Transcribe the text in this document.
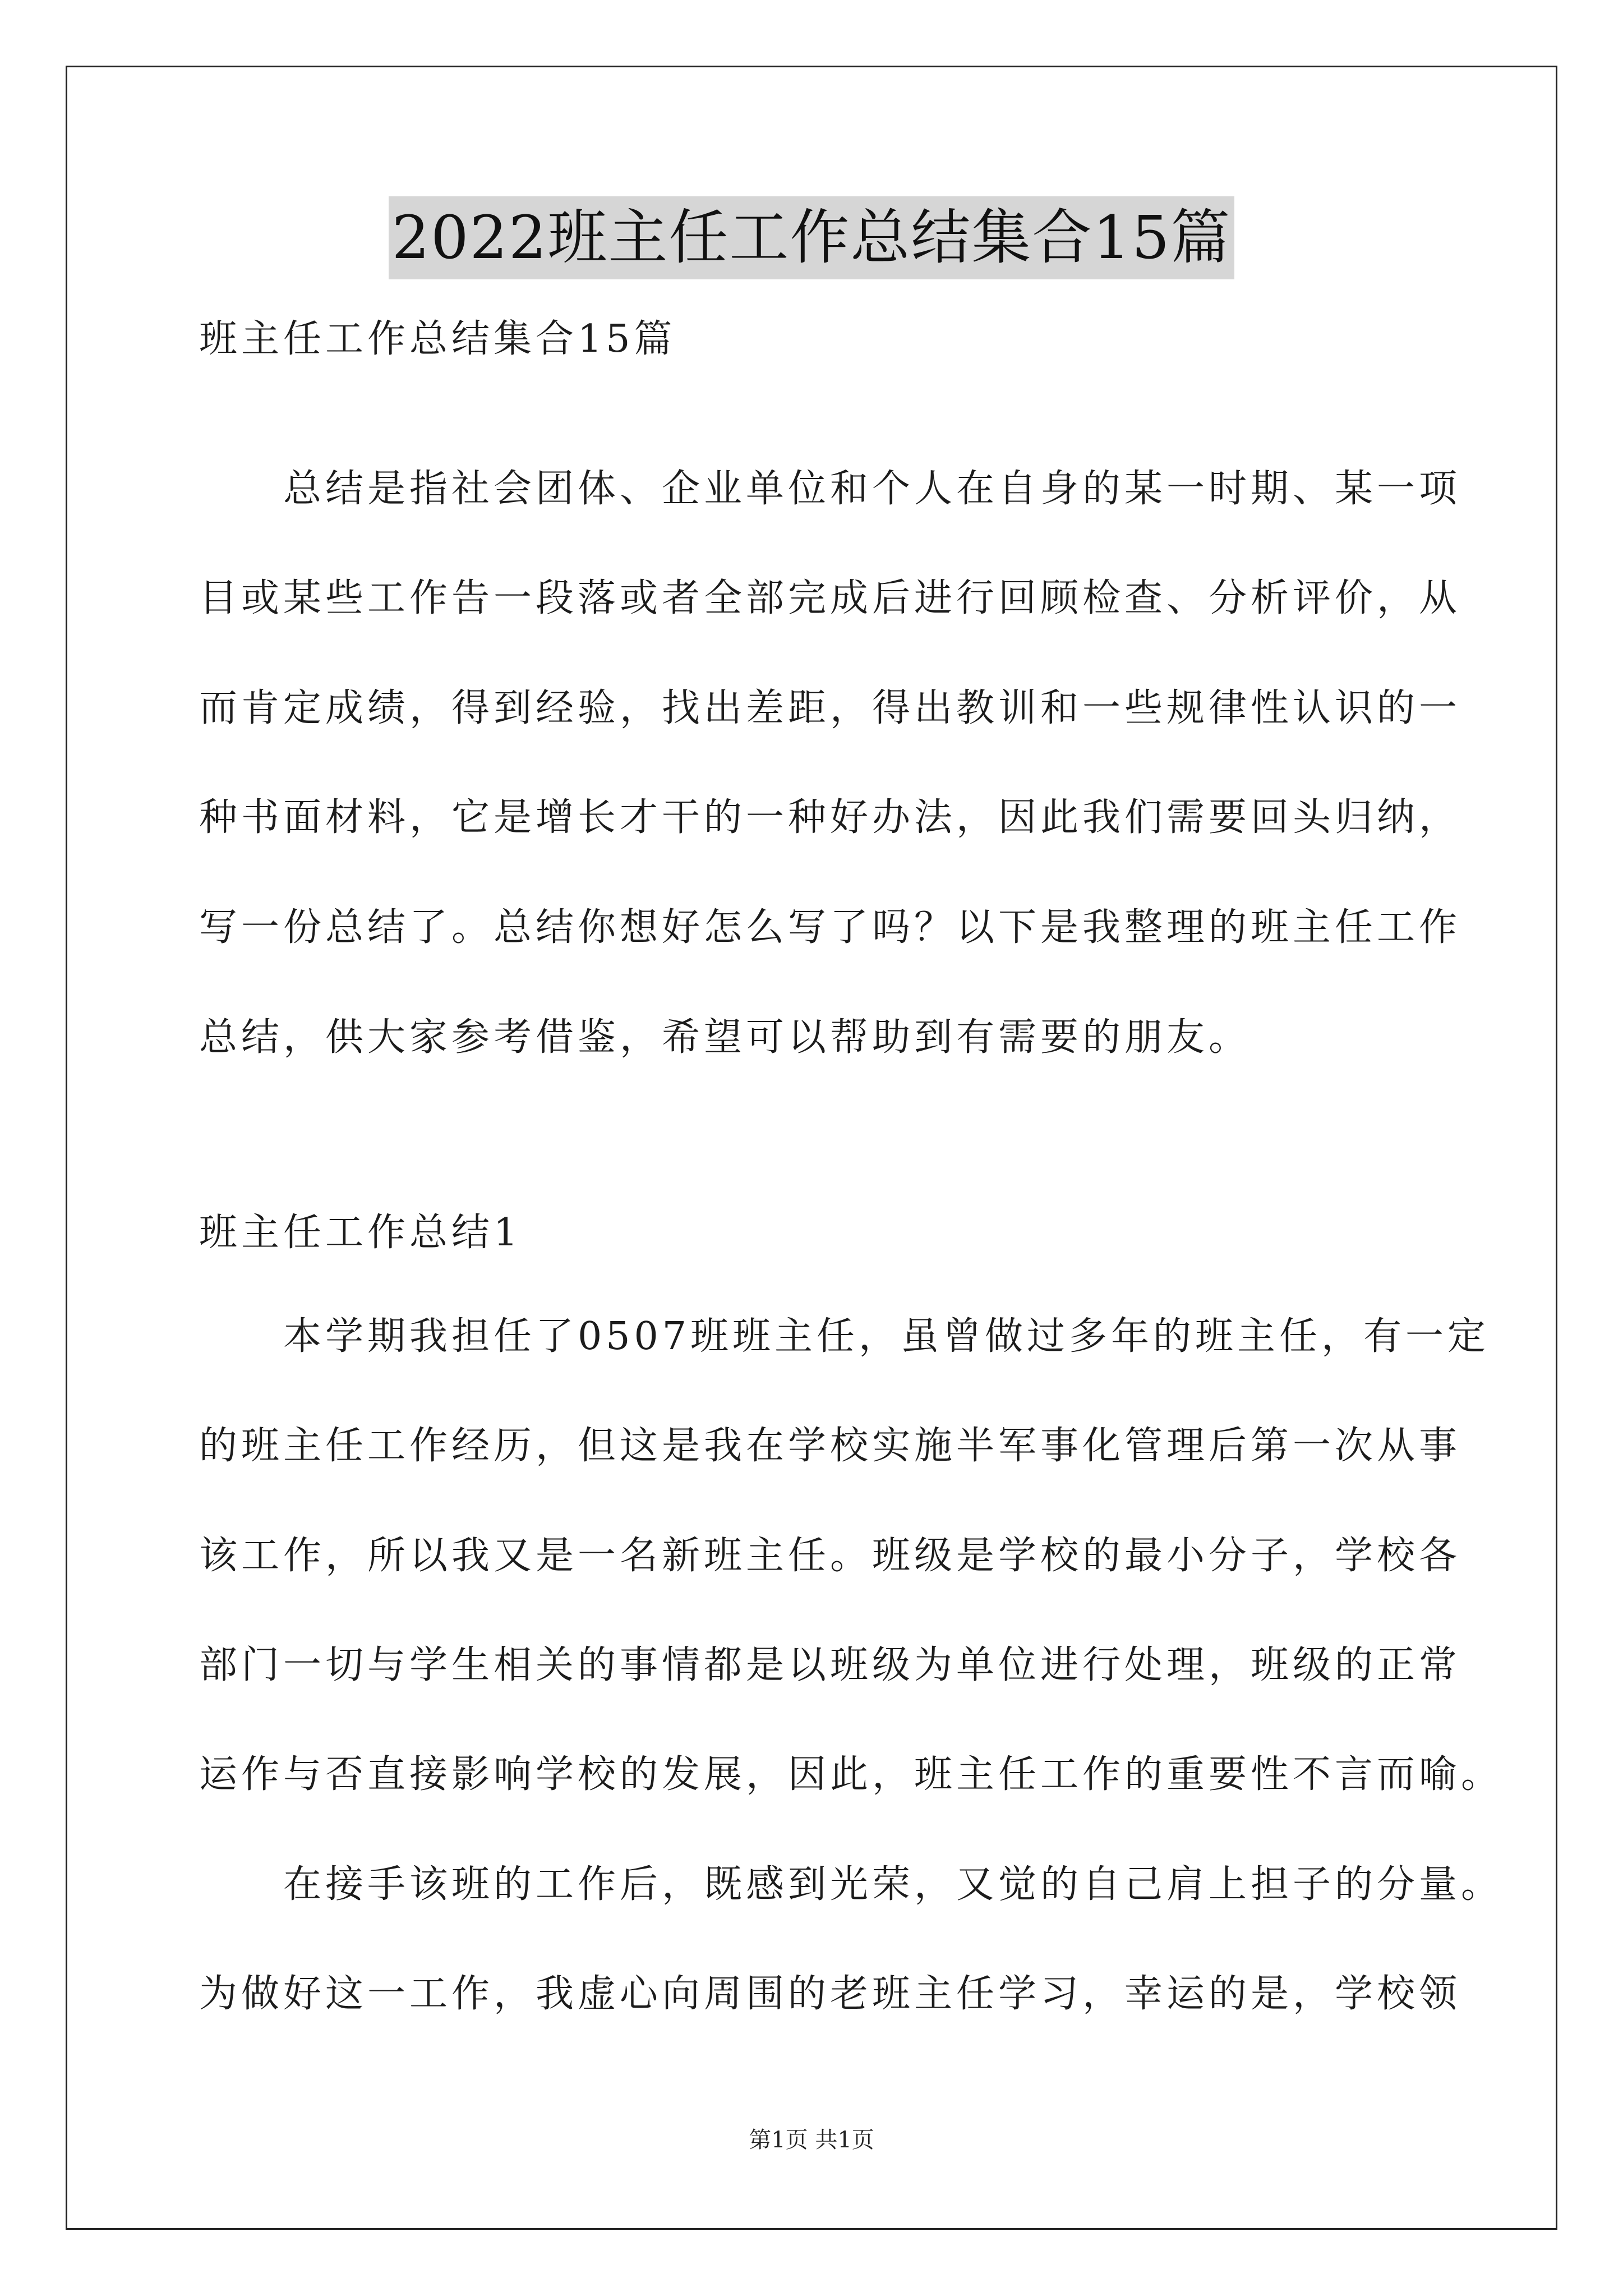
2022班主任工作总结集合15篇
班主任工作总结集合15篇
总结是指社会团体、企业单位和个人在自身的某一时期、某一项
目或某些工作告一段落或者全部完成后进行回顾检查、分析评价，从
而肯定成绩，得到经验，找出差距，得出教训和一些规律性认识的一
种书面材料，它是增长才干的一种好办法，因此我们需要回头归纳，
写一份总结了。总结你想好怎么写了吗？以下是我整理的班主任工作
总结，供大家参考借鉴，希望可以帮助到有需要的朋友。
班主任工作总结1
本学期我担任了0507班班主任，虽曾做过多年的班主任，有一定
的班主任工作经历，但这是我在学校实施半军事化管理后第一次从事
该工作，所以我又是一名新班主任。班级是学校的最小分子，学校各
部门一切与学生相关的事情都是以班级为单位进行处理，班级的正常
运作与否直接影响学校的发展，因此，班主任工作的重要性不言而喻。
在接手该班的工作后，既感到光荣，又觉的自己肩上担子的分量。
为做好这一工作，我虚心向周围的老班主任学习，幸运的是，学校领
第1页 共1页
